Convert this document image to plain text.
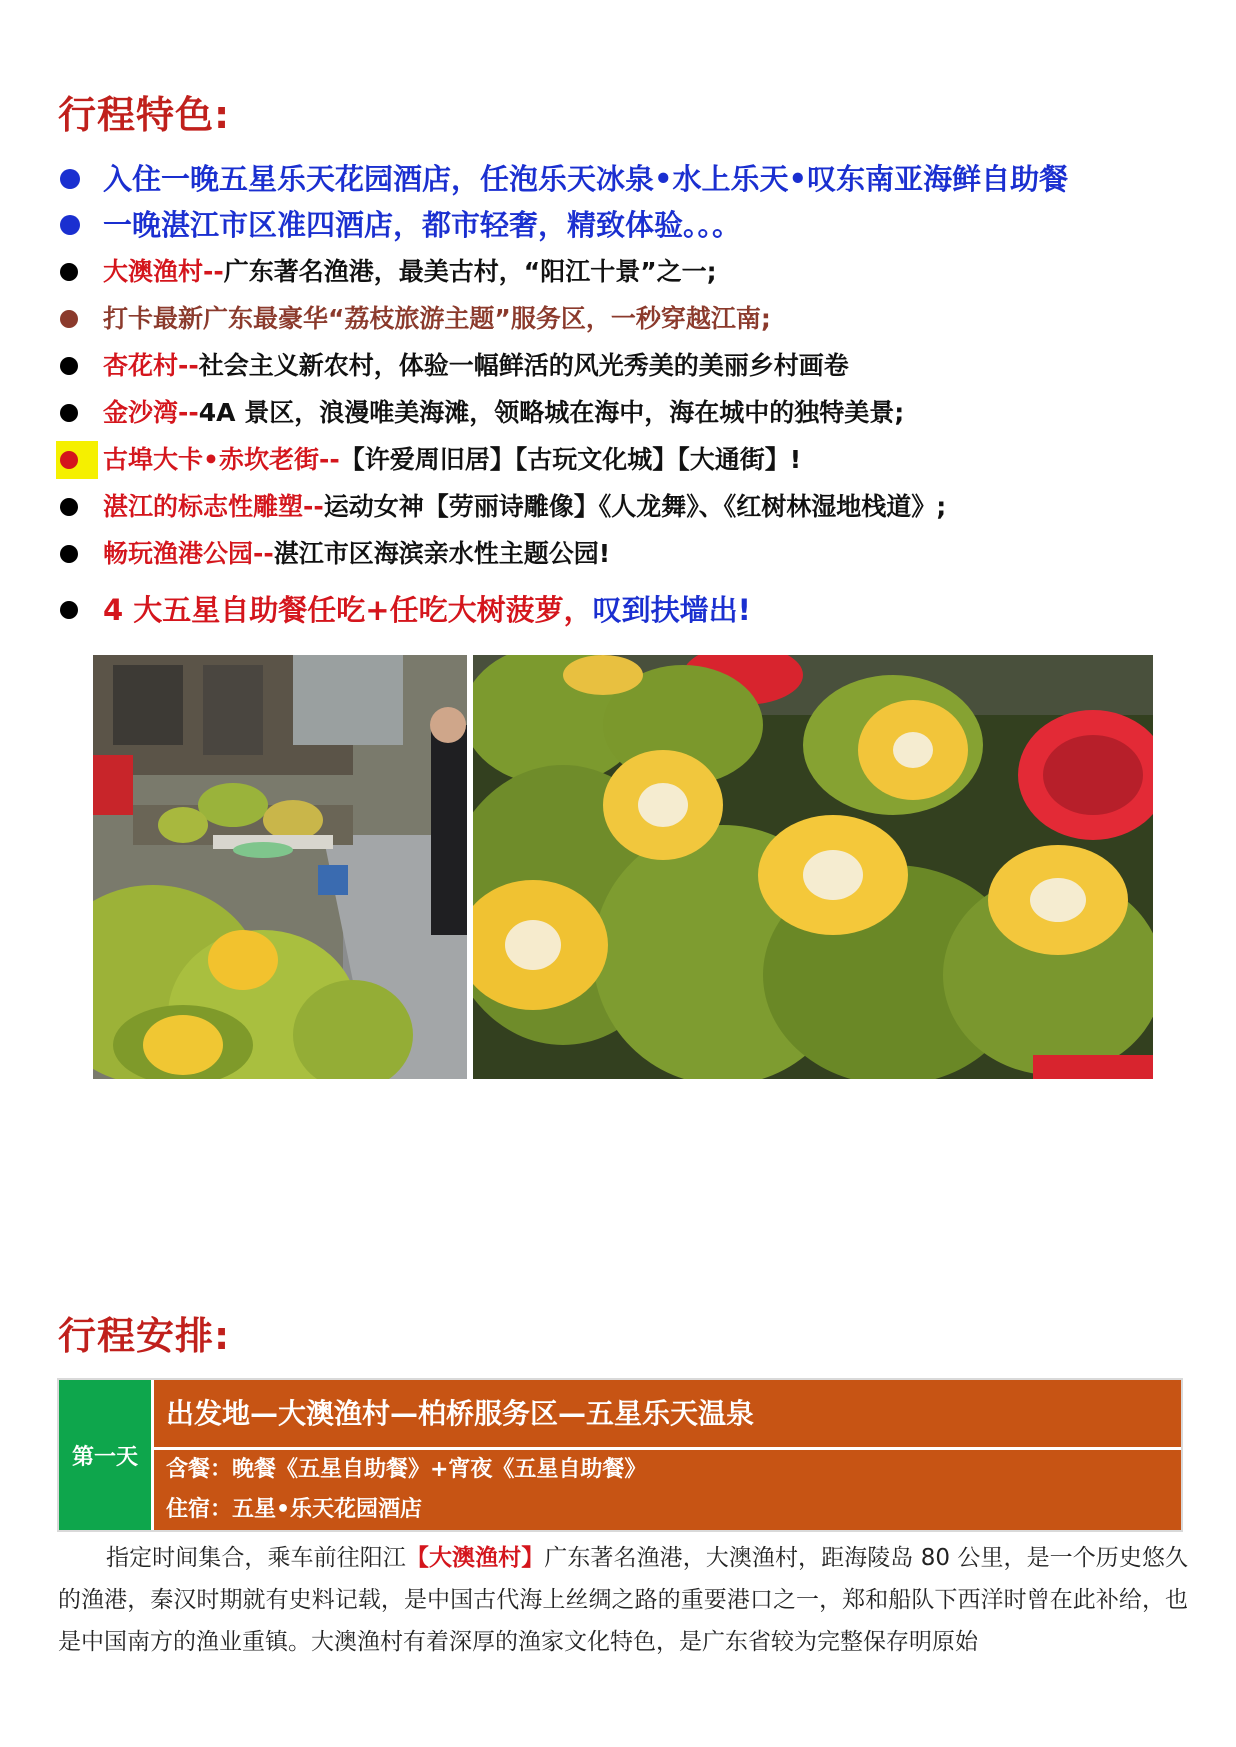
行程特色:
入住一晚五星乐天花园酒店，任泡乐天冰泉•水上乐天•叹东南亚海鲜自助餐
一晚湛江市区准四酒店，都市轻奢，精致体验。。。
大澳渔村--广东著名渔港，最美古村，“阳江十景”之一;
打卡最新广东最豪华“荔枝旅游主题”服务区，一秒穿越江南;
杏花村--社会主义新农村，体验一幅鲜活的风光秀美的美丽乡村画卷
金沙湾--4A 景区，浪漫唯美海滩，领略城在海中，海在城中的独特美景;
古埠大卡•赤坎老街--【许爱周旧居】【古玩文化城】【大通街】!
湛江的标志性雕塑--运动女神【劳丽诗雕像】《人龙舞》、《红树林湿地栈道》;
畅玩渔港公园--湛江市区海滨亲水性主题公园!
4 大五星自助餐任吃+任吃大树菠萝，叹到扶墙出!
行程安排:
第一天
出发地—大澳渔村—柏桥服务区—五星乐天温泉
含餐：晚餐《五星自助餐》+宵夜《五星自助餐》
住宿：五星•乐天花园酒店

指定时间集合，乘车前往阳江【大澳渔村】广东著名渔港，大澳渔村，距海陵岛 80 公里，是一个历史悠久的渔港，秦汉时期就有史料记载，是中国古代海上丝绸之路的重要港口之一，郑和船队下西洋时曾在此补给，也是中国南方的渔业重镇。大澳渔村有着深厚的渔家文化特色，是广东省较为完整保存明原始
